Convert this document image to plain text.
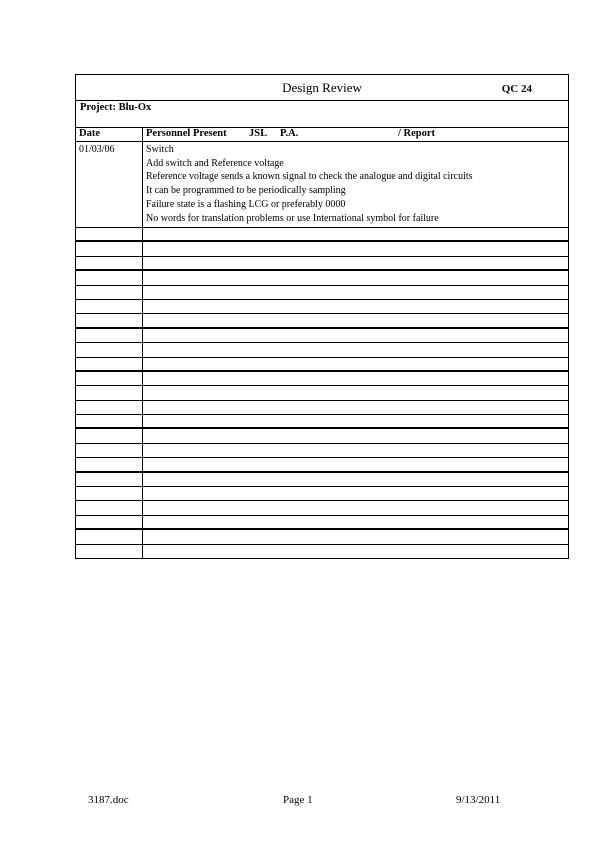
Design Review	QC 24
Project: Blu-Ox
Date	Personnel Present JSL P.A.	/ Report
01/03/06	Switch
Add switch and Reference voltage
Reference voltage sends a known signal to check the analogue and digital circuits
It can be programmed to be periodically sampling
Failure state is a flashing LCG or preferably 0000
No words for translation problems or use International symbol for failure
3187.doc	Page 1	9/13/2011
